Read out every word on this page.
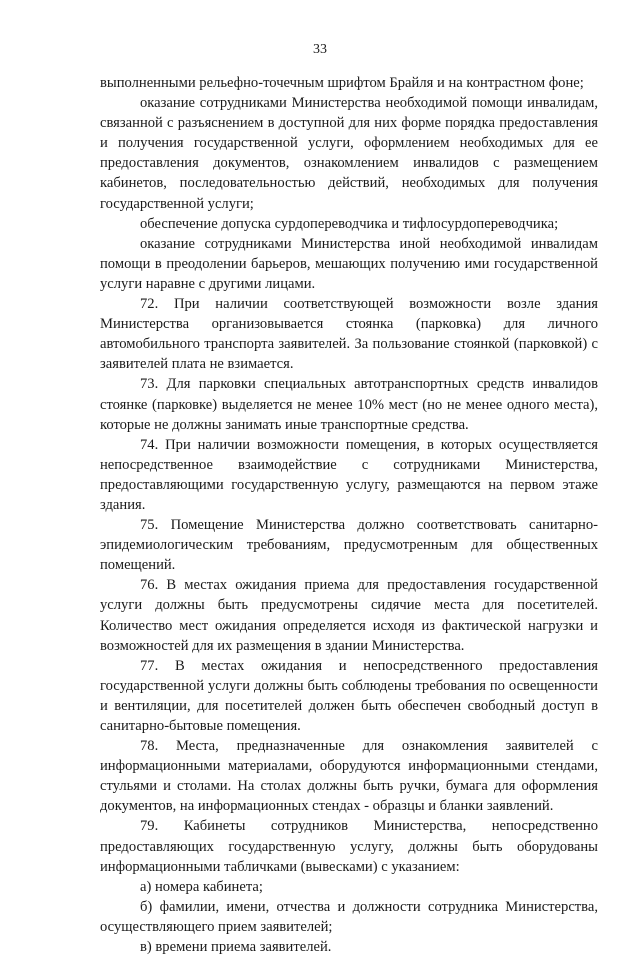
33

выполненными рельефно-точечным шрифтом Брайля и на контрастном фоне;

оказание сотрудниками Министерства необходимой помощи инвалидам, связанной с разъяснением в доступной для них форме порядка предоставления и получения государственной услуги, оформлением необходимых для ее предоставления документов, ознакомлением инвалидов с размещением кабинетов, последовательностью действий, необходимых для получения государственной услуги;

обеспечение допуска сурдопереводчика и тифлосурдопереводчика;

оказание сотрудниками Министерства иной необходимой инвалидам помощи в преодолении барьеров, мешающих получению ими государственной услуги наравне с другими лицами.

72. При наличии соответствующей возможности возле здания Министерства организовывается стоянка (парковка) для личного автомобильного транспорта заявителей. За пользование стоянкой (парковкой) с заявителей плата не взимается.

73. Для парковки специальных автотранспортных средств инвалидов стоянке (парковке) выделяется не менее 10% мест (но не менее одного места), которые не должны занимать иные транспортные средства.

74. При наличии возможности помещения, в которых осуществляется непосредственное взаимодействие с сотрудниками Министерства, предоставляющими государственную услугу, размещаются на первом этаже здания.

75. Помещение Министерства должно соответствовать санитарно-эпидемиологическим требованиям, предусмотренным для общественных помещений.

76. В местах ожидания приема для предоставления государственной услуги должны быть предусмотрены сидячие места для посетителей. Количество мест ожидания определяется исходя из фактической нагрузки и возможностей для их размещения в здании Министерства.

77. В местах ожидания и непосредственного предоставления государственной услуги должны быть соблюдены требования по освещенности и вентиляции, для посетителей должен быть обеспечен свободный доступ в санитарно-бытовые помещения.

78. Места, предназначенные для ознакомления заявителей с информационными материалами, оборудуются информационными стендами, стульями и столами. На столах должны быть ручки, бумага для оформления документов, на информационных стендах - образцы и бланки заявлений.

79. Кабинеты сотрудников Министерства, непосредственно предоставляющих государственную услугу, должны быть оборудованы информационными табличками (вывесками) с указанием:

а) номера кабинета;

б) фамилии, имени, отчества и должности сотрудника Министерства, осуществляющего прием заявителей;

в) времени приема заявителей.
